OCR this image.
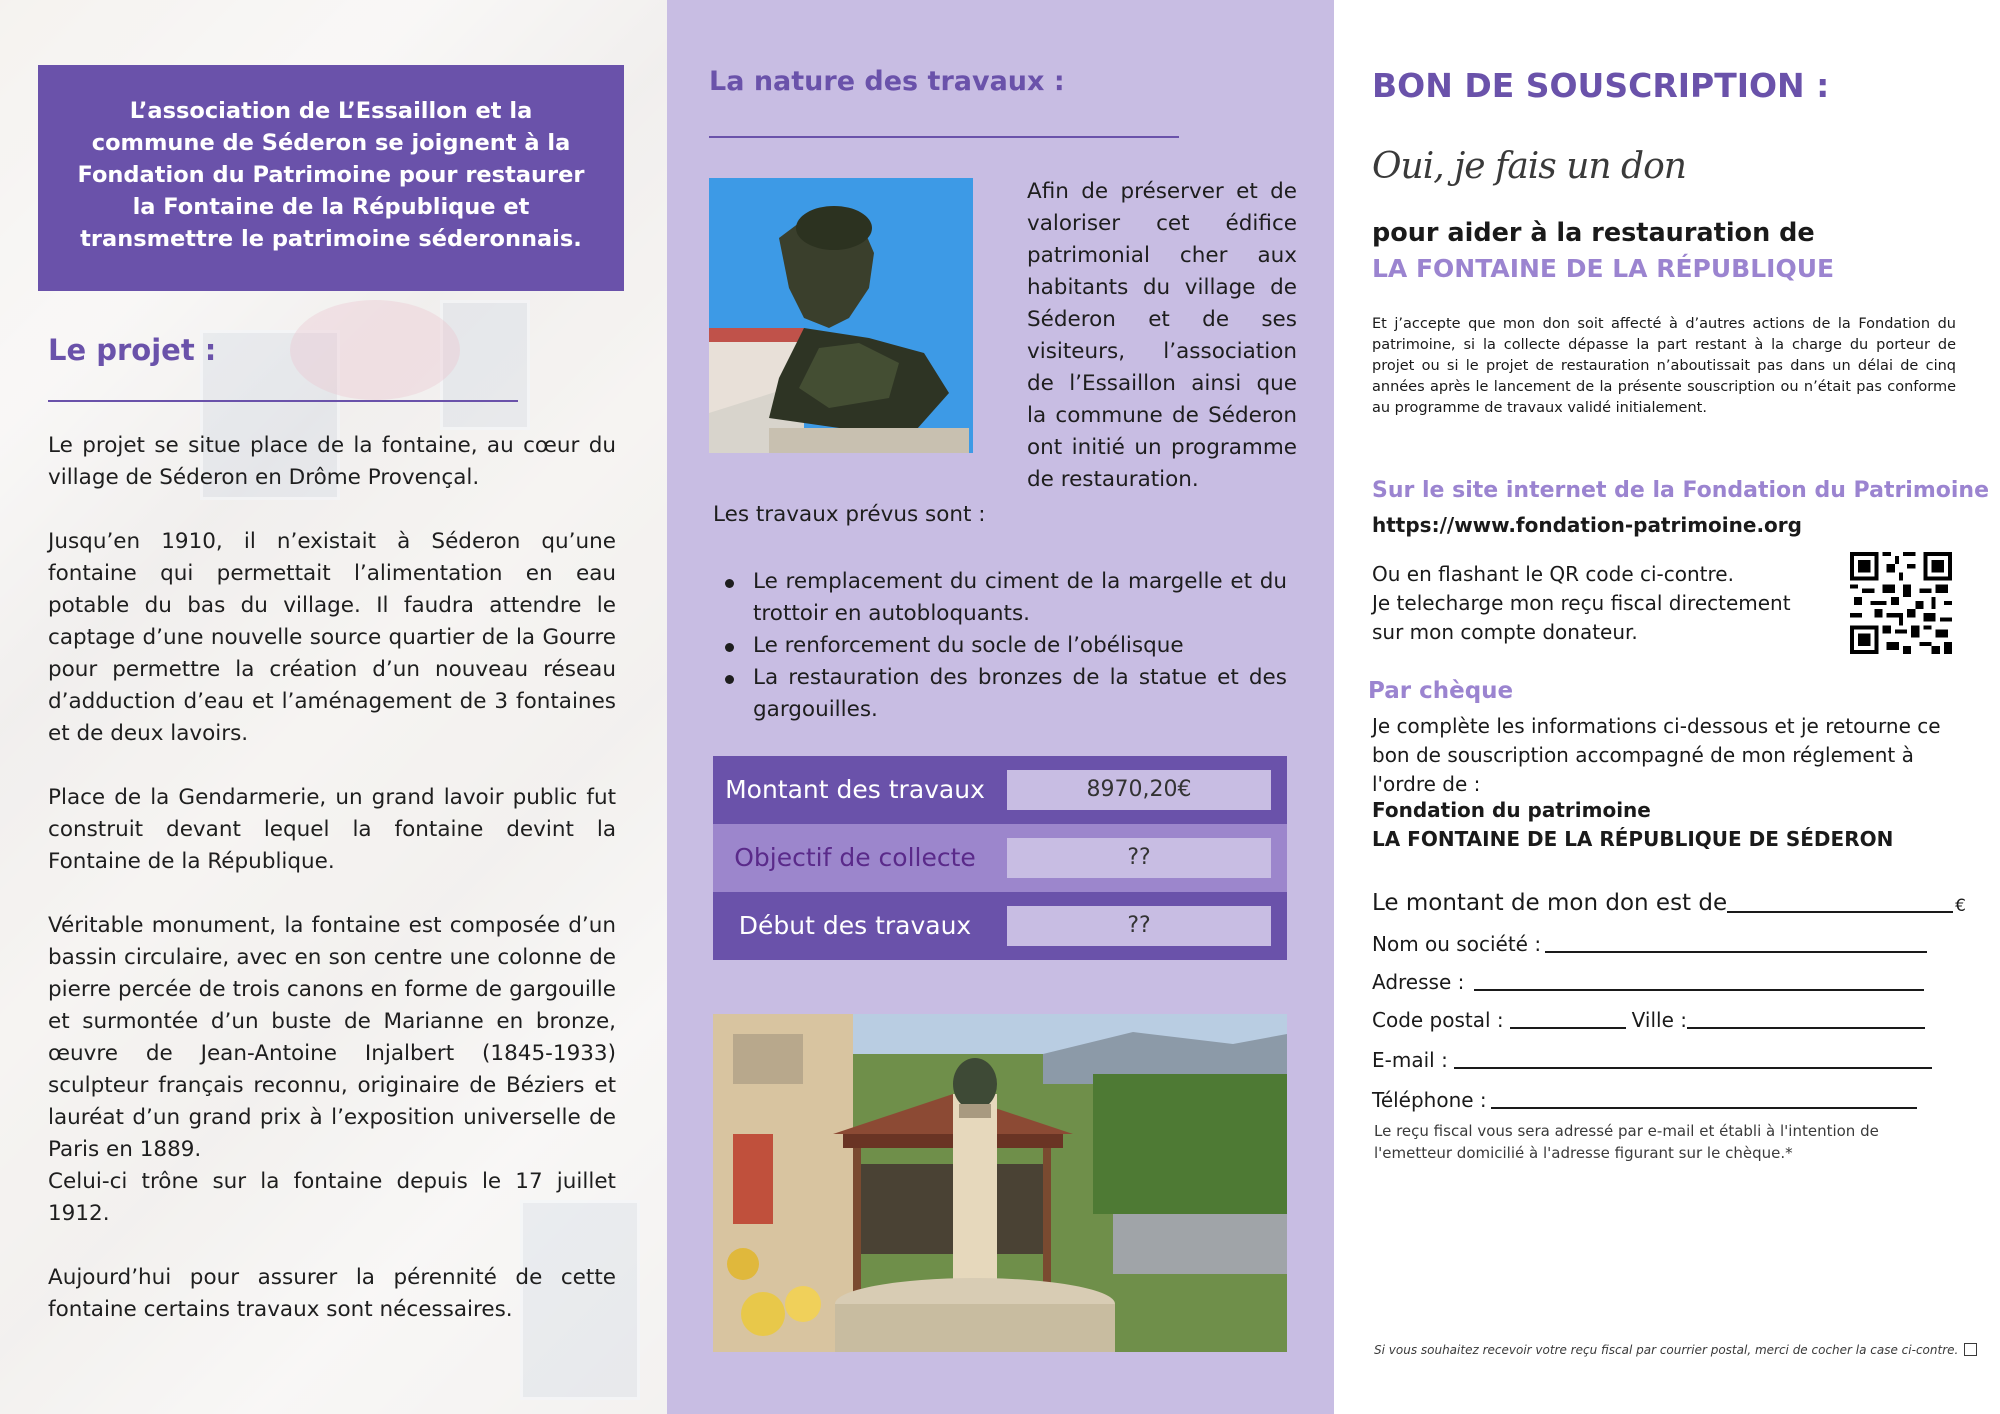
L’association de L’Essaillon et la commune de Séderon se joignent à la Fondation du Patrimoine pour restaurer la Fontaine de la République et transmettre le patrimoine séderonnais.
Le projet :

Le projet se situe place de la fontaine, au cœur du village de Séderon en Drôme Provençal.

Jusqu’en 1910, il n’existait à Séderon qu’une fontaine qui permettait l’alimentation en eau potable du bas du village. Il faudra attendre le captage d’une nouvelle source quartier de la Gourre pour permettre la création d’un nouveau réseau d’adduction d’eau et l’aménagement de 3 fontaines et de deux lavoirs.

Place de la Gendarmerie, un grand lavoir public fut construit devant lequel la fontaine devint la Fontaine de la République.

Véritable monument, la fontaine est composée d’un bassin circulaire, avec en son centre une colonne de pierre percée de trois canons en forme de gargouille et surmontée d’un buste de Marianne en bronze, œuvre de Jean-Antoine Injalbert (1845-1933) sculpteur français reconnu, originaire de Béziers et lauréat d’un grand prix à l’exposition universelle de Paris en 1889.

Celui-ci trône sur la fontaine depuis le 17 juillet 1912.

Aujourd’hui pour assurer la pérennité de cette fontaine certains travaux sont nécessaires.

La nature des travaux :
Afin de préserver et de valoriser cet édifice patrimonial cher aux habitants du village de Séderon et de ses visiteurs, l’association de l’Essaillon ainsi que la commune de Séderon ont initié un programme de restauration.
Les travaux prévus sont :
Le remplacement du ciment de la margelle et du trottoir en autobloquants.
Le renforcement du socle de l’obélisque
La restauration des bronzes de la statue et des gargouilles.
Montant des travaux	8970,20€
Objectif de collecte	??
Début des travaux	??
BON DE SOUSCRIPTION :
Oui, je fais un don
pour aider à la restauration de
LA FONTAINE DE LA RÉPUBLIQUE
Et j’accepte que mon don soit affecté à d’autres actions de la Fondation du patrimoine, si la collecte dépasse la part restant à la charge du porteur de projet ou si le projet de restauration n’aboutissait pas dans un délai de cinq années après le lancement de la présente souscription ou n’était pas conforme au programme de travaux validé initialement.
Sur le site internet de la Fondation du Patrimoine
https://www.fondation-patrimoine.org
Ou en flashant le QR code ci-contre.
Je telecharge mon reçu fiscal directement sur mon compte donateur.
Par chèque
Je complète les informations ci-dessous et je retourne ce bon de souscription accompagné de mon réglement à l'ordre de :
Fondation du patrimoine
LA FONTAINE DE LA RÉPUBLIQUE DE SÉDERON
Le montant de mon don est de	€
Nom ou société :
Adresse :
Code postal :	Ville :
E-mail :
Téléphone :
Le reçu fiscal vous sera adressé par e-mail et établi à l'intention de l'emetteur domicilié à l'adresse figurant sur le chèque.*
Si vous souhaitez recevoir votre reçu fiscal par courrier postal, merci de cocher la case ci-contre.
